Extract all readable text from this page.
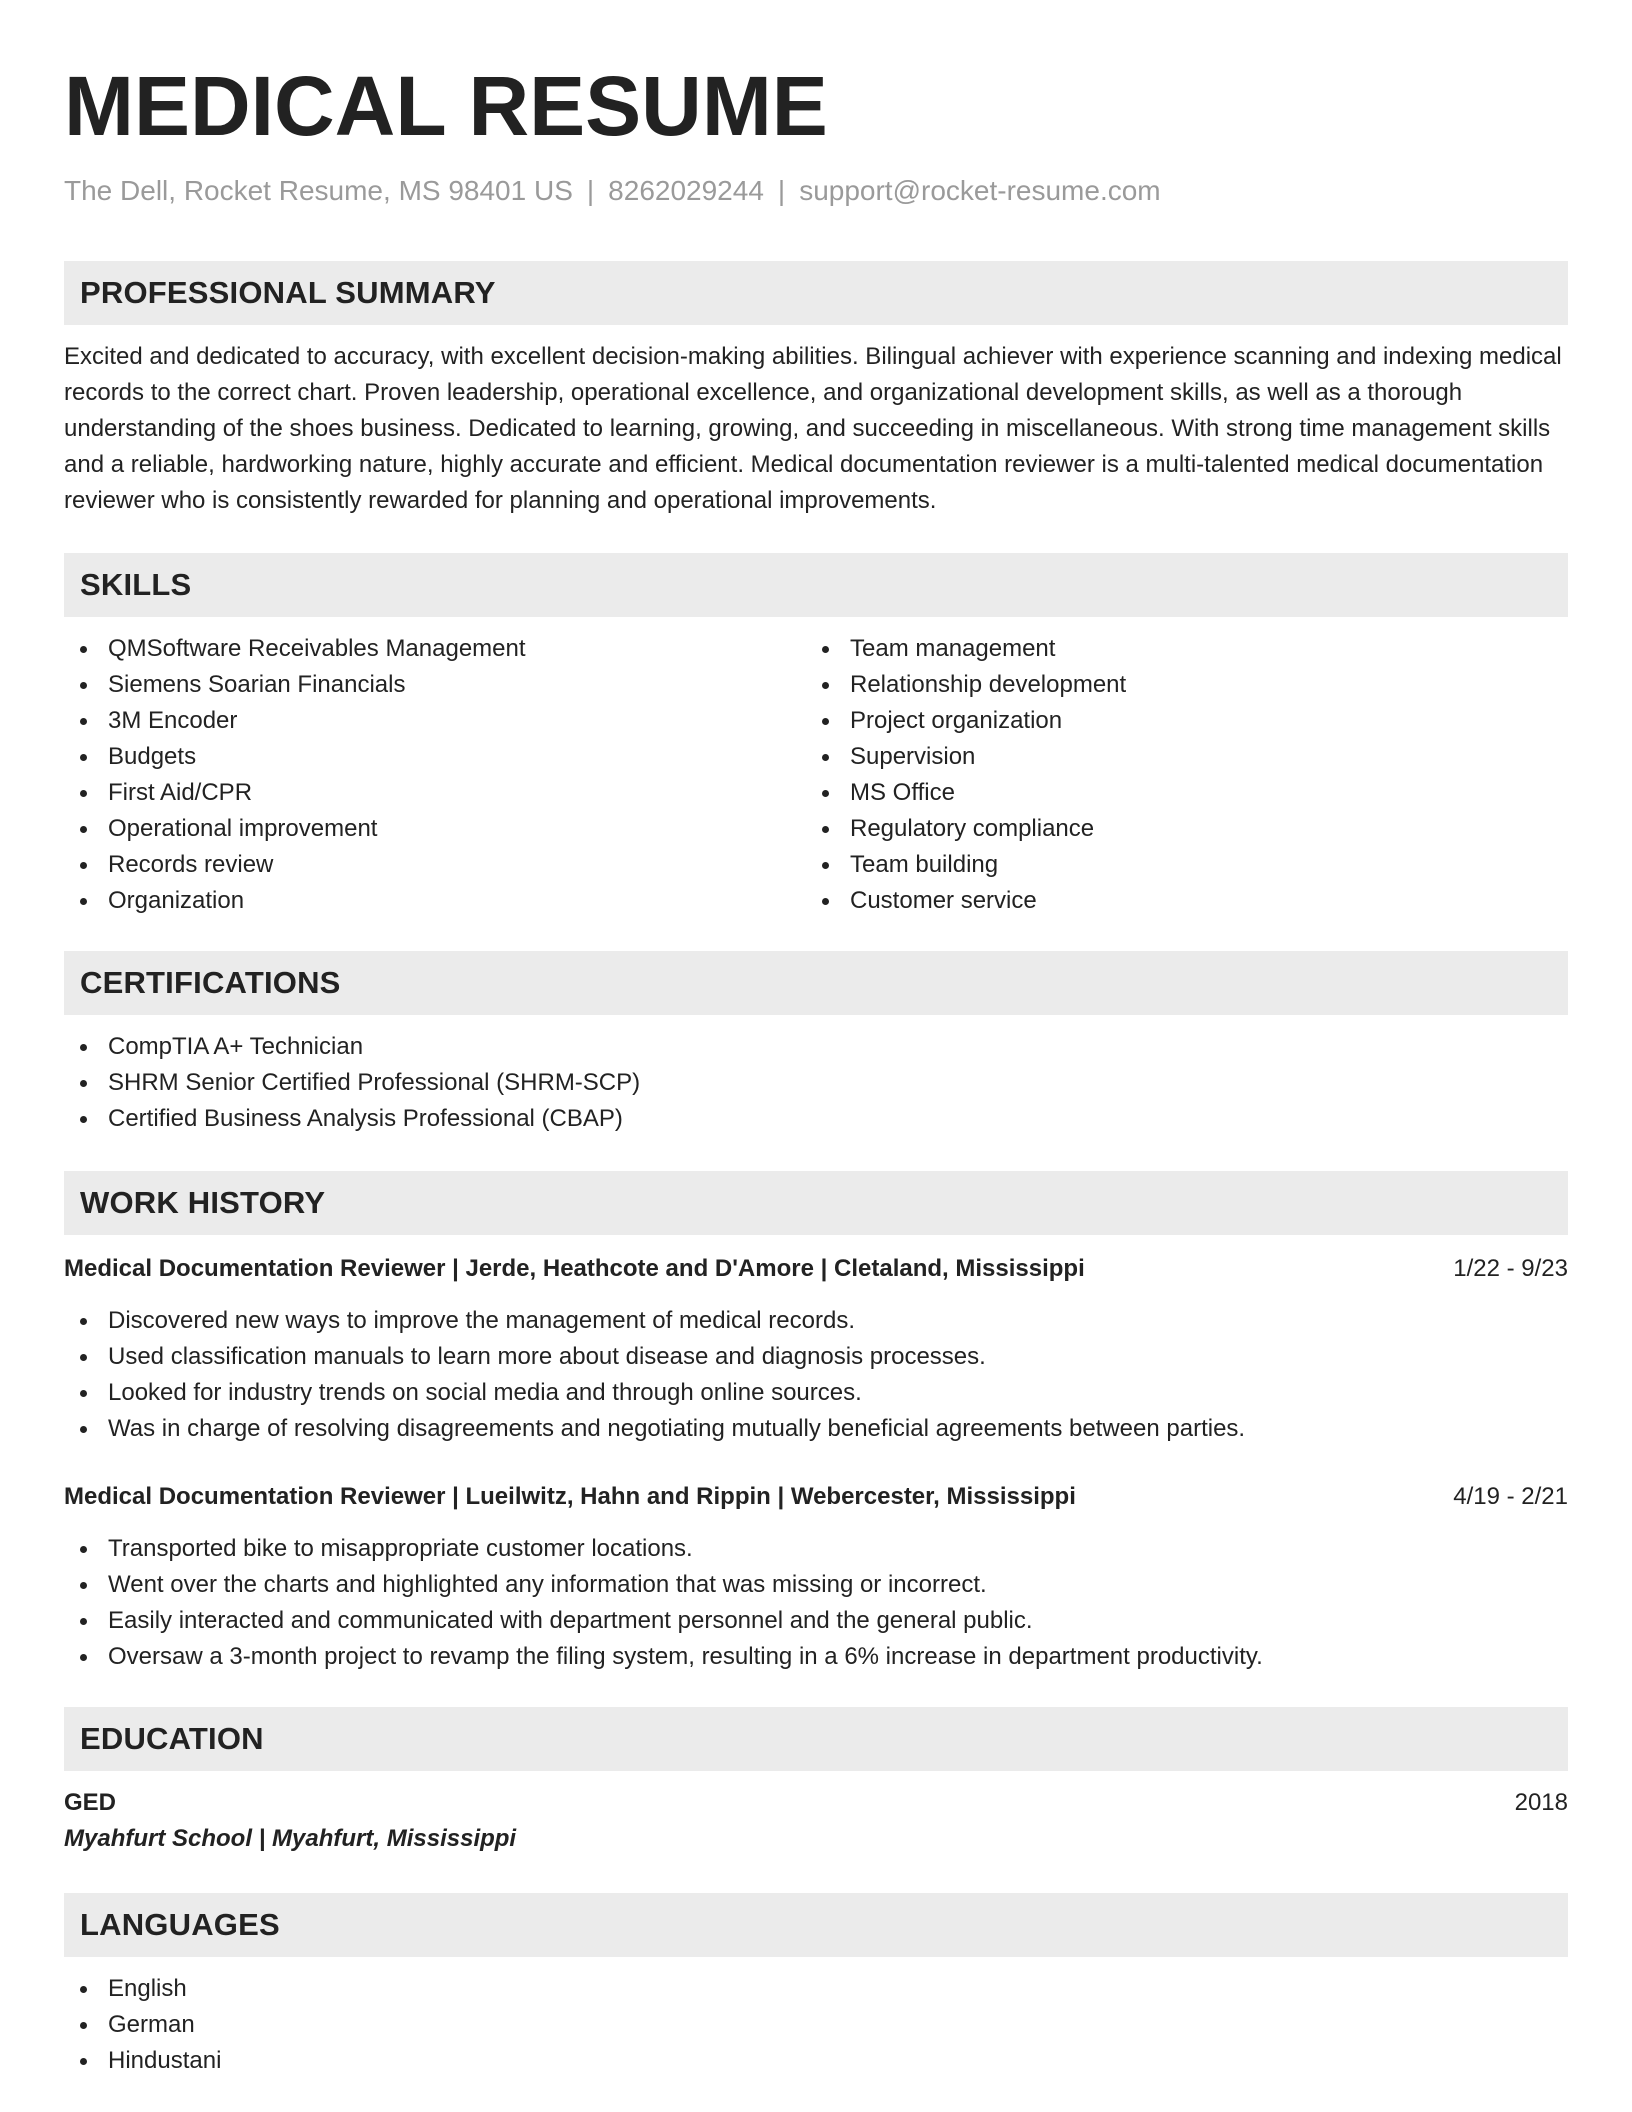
MEDICAL RESUME
The Dell, Rocket Resume, MS 98401 US | 8262029244 | support@rocket-resume.com
PROFESSIONAL SUMMARY

Excited and dedicated to accuracy, with excellent decision-making abilities. Bilingual achiever with experience scanning and indexing medical records to the correct chart. Proven leadership, operational excellence, and organizational development skills, as well as a thorough understanding of the shoes business. Dedicated to learning, growing, and succeeding in miscellaneous. With strong time management skills and a reliable, hardworking nature, highly accurate and efficient. Medical documentation reviewer is a multi-talented medical documentation reviewer who is consistently rewarded for planning and operational improvements.

SKILLS
QMSoftware Receivables Management
Siemens Soarian Financials
3M Encoder
Budgets
First Aid/CPR
Operational improvement
Records review
Organization
Team management
Relationship development
Project organization
Supervision
MS Office
Regulatory compliance
Team building
Customer service
CERTIFICATIONS
CompTIA A+ Technician
SHRM Senior Certified Professional (SHRM-SCP)
Certified Business Analysis Professional (CBAP)
WORK HISTORY
Medical Documentation Reviewer | Jerde, Heathcote and D'Amore | Cletaland, Mississippi	1/22 - 9/23
Discovered new ways to improve the management of medical records.
Used classification manuals to learn more about disease and diagnosis processes.
Looked for industry trends on social media and through online sources.
Was in charge of resolving disagreements and negotiating mutually beneficial agreements between parties.
Medical Documentation Reviewer | Lueilwitz, Hahn and Rippin | Webercester, Mississippi	4/19 - 2/21
Transported bike to misappropriate customer locations.
Went over the charts and highlighted any information that was missing or incorrect.
Easily interacted and communicated with department personnel and the general public.
Oversaw a 3-month project to revamp the filing system, resulting in a 6% increase in department productivity.
EDUCATION
GED	2018
Myahfurt School | Myahfurt, Mississippi
LANGUAGES
English
German
Hindustani
